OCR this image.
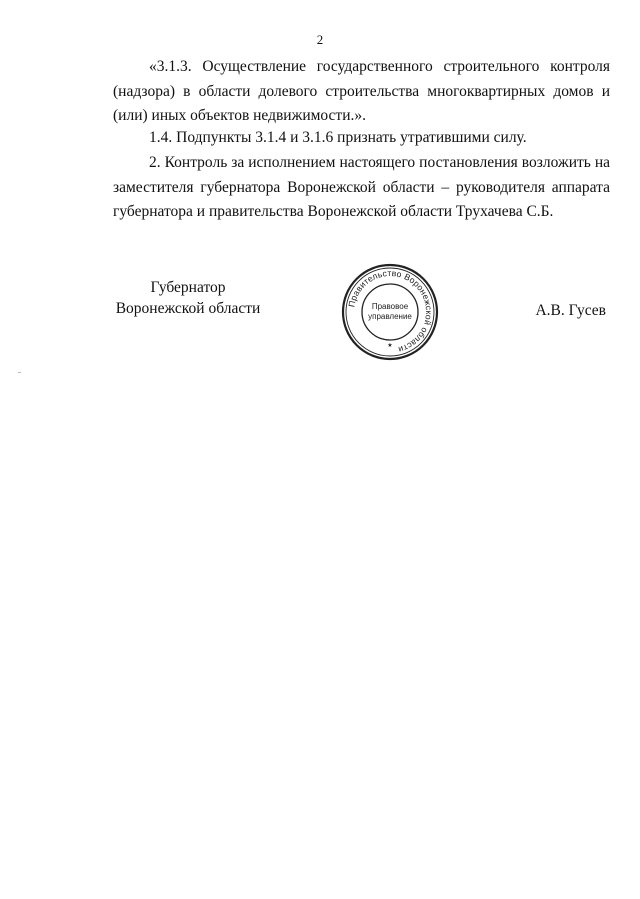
2

«3.1.3. Осуществление государственного строительного контроля (надзора) в области долевого строительства многоквартирных домов и (или) иных объектов недвижимости.».

1.4. Подпункты 3.1.4 и 3.1.6 признать утратившими силу.

2. Контроль за исполнением настоящего постановления возложить на заместителя губернатора Воронежской области – руководителя аппарата губернатора и правительства Воронежской области Трухачева С.Б.

Губернатор
Воронежской области	Правительство Воронежской области
Правовое
управление
★
А.В. Гусев
